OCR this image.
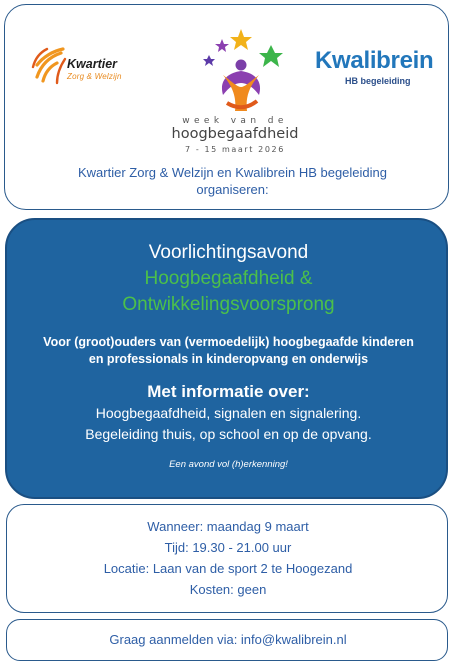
Kwartier
Zorg & Welzijn
week van de
hoogbegaafdheid
7 - 15 maart 2026
Kwalibrein
HB begeleiding
Kwartier Zorg & Welzijn en Kwalibrein HB begeleiding
organiseren:
Voorlichtingsavond
Hoogbegaafdheid &
Ontwikkelingsvoorsprong
Voor (groot)ouders van (vermoedelijk) hoogbegaafde kinderen
en professionals in kinderopvang en onderwijs
Met informatie over:
Hoogbegaafdheid, signalen en signalering.
Begeleiding thuis, op school en op de opvang.
Een avond vol (h)erkenning!
Wanneer: maandag 9 maart
Tijd: 19.30 - 21.00 uur
Locatie: Laan van de sport 2 te Hoogezand
Kosten: geen
Graag aanmelden via: info@kwalibrein.nl
